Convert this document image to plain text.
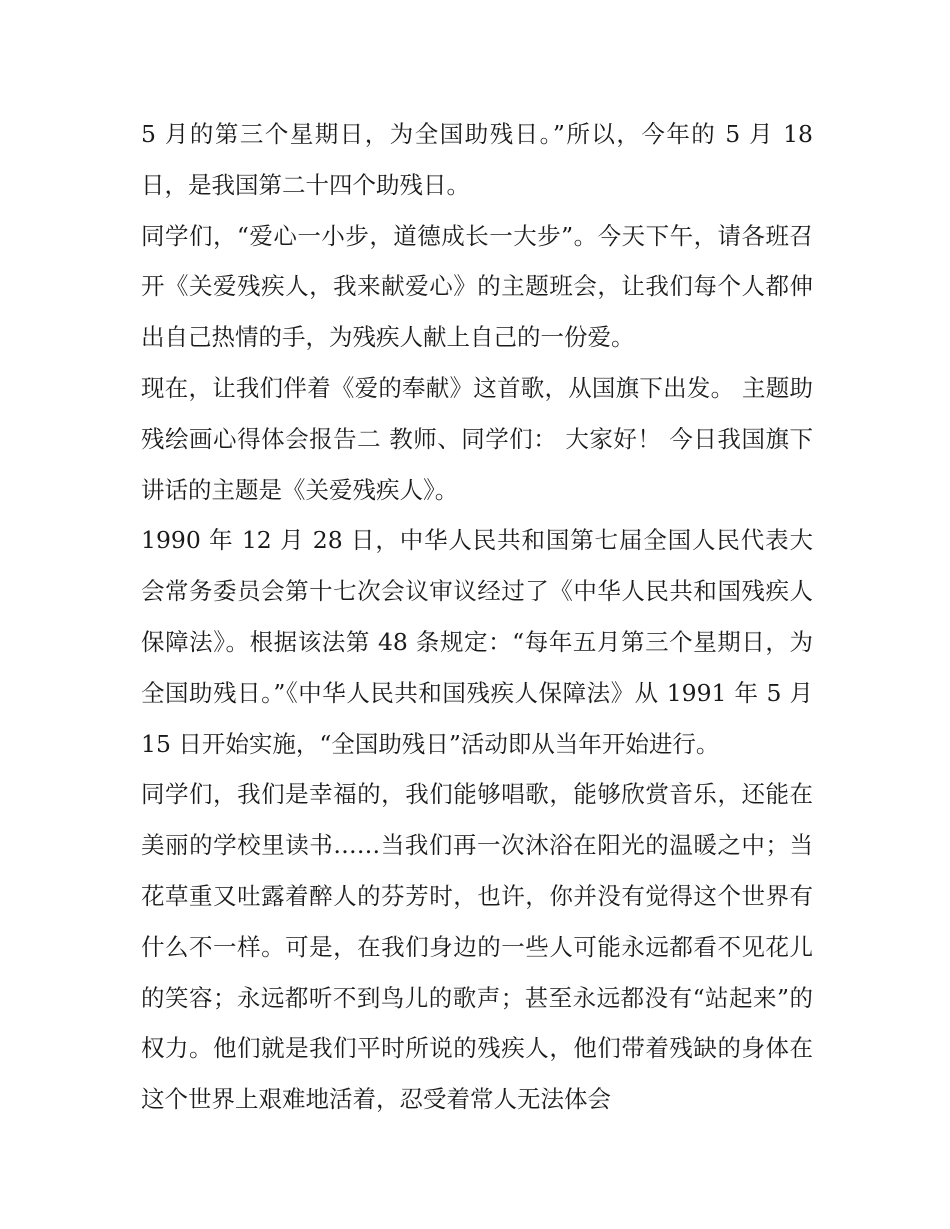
5 月的第三个星期日，为全国助残日。”所以，今年的 5 月 18 日，是我国第二十四个助残日。

同学们，“爱心一小步，道德成长一大步”。今天下午，请各班召开《关爱残疾人，我来献爱心》的主题班会，让我们每个人都伸出自己热情的手，为残疾人献上自己的一份爱。

现在，让我们伴着《爱的奉献》这首歌，从国旗下出发。 主题助残绘画心得体会报告二 教师、同学们： 大家好！ 今日我国旗下讲话的主题是《关爱残疾人》。

1990 年 12 月 28 日，中华人民共和国第七届全国人民代表大会常务委员会第十七次会议审议经过了《中华人民共和国残疾人保障法》。根据该法第 48 条规定：“每年五月第三个星期日，为全国助残日。”《中华人民共和国残疾人保障法》从 1991 年 5 月 15 日开始实施，“全国助残日”活动即从当年开始进行。

同学们，我们是幸福的，我们能够唱歌，能够欣赏音乐，还能在美丽的学校里读书……当我们再一次沐浴在阳光的温暖之中；当花草重又吐露着醉人的芬芳时，也许，你并没有觉得这个世界有什么不一样。可是，在我们身边的一些人可能永远都看不见花儿的笑容；永远都听不到鸟儿的歌声；甚至永远都没有“站起来”的权力。他们就是我们平时所说的残疾人，他们带着残缺的身体在这个世界上艰难地活着，忍受着常人无法体会
